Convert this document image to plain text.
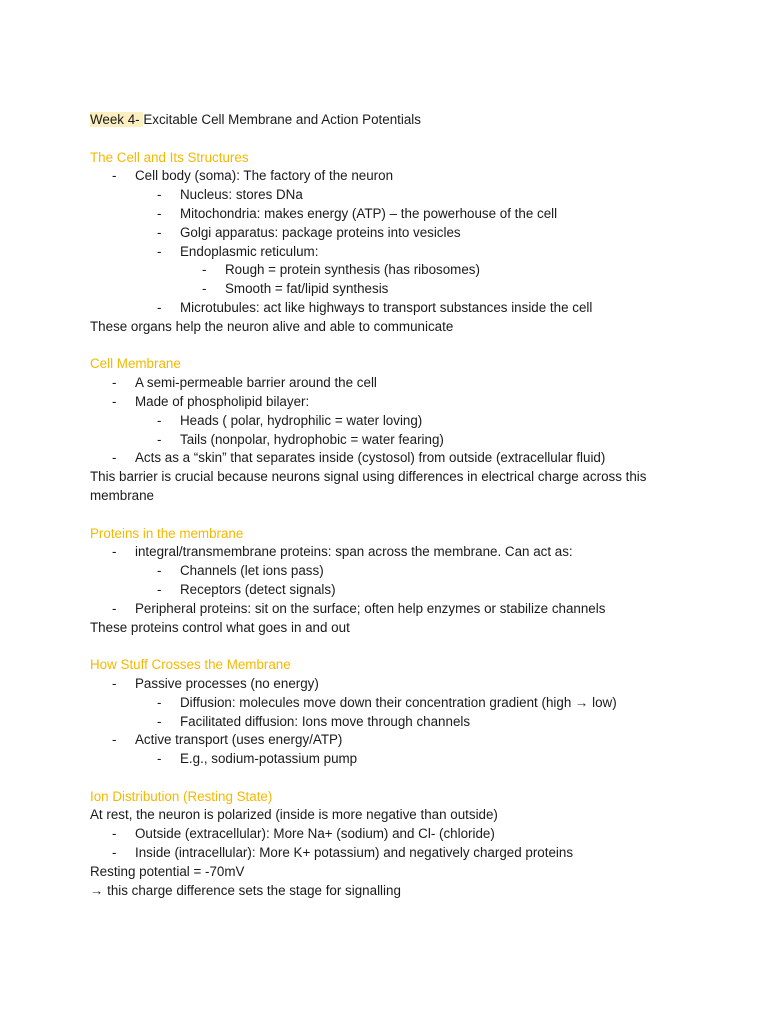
Week 4- Excitable Cell Membrane and Action Potentials
The Cell and Its Structures
- Cell body (soma): The factory of the neuron
- Nucleus: stores DNa
- Mitochondria: makes energy (ATP) – the powerhouse of the cell
- Golgi apparatus: package proteins into vesicles
- Endoplasmic reticulum:
- Rough = protein synthesis (has ribosomes)
- Smooth = fat/lipid synthesis
- Microtubules: act like highways to transport substances inside the cell
These organs help the neuron alive and able to communicate
Cell Membrane
- A semi-permeable barrier around the cell
- Made of phospholipid bilayer:
- Heads ( polar, hydrophilic = water loving)
- Tails (nonpolar, hydrophobic = water fearing)
- Acts as a “skin” that separates inside (cystosol) from outside (extracellular fluid)
This barrier is crucial because neurons signal using differences in electrical charge across this membrane
Proteins in the membrane
- integral/transmembrane proteins: span across the membrane. Can act as:
- Channels (let ions pass)
- Receptors (detect signals)
- Peripheral proteins: sit on the surface; often help enzymes or stabilize channels
These proteins control what goes in and out
How Stuff Crosses the Membrane
- Passive processes (no energy)
- Diffusion: molecules move down their concentration gradient (high → low)
- Facilitated diffusion: Ions move through channels
- Active transport (uses energy/ATP)
- E.g., sodium-potassium pump
Ion Distribution (Resting State)
At rest, the neuron is polarized (inside is more negative than outside)
- Outside (extracellular): More Na+ (sodium) and Cl- (chloride)
- Inside (intracellular): More K+ potassium) and negatively charged proteins
Resting potential = -70mV
→ this charge difference sets the stage for signalling
